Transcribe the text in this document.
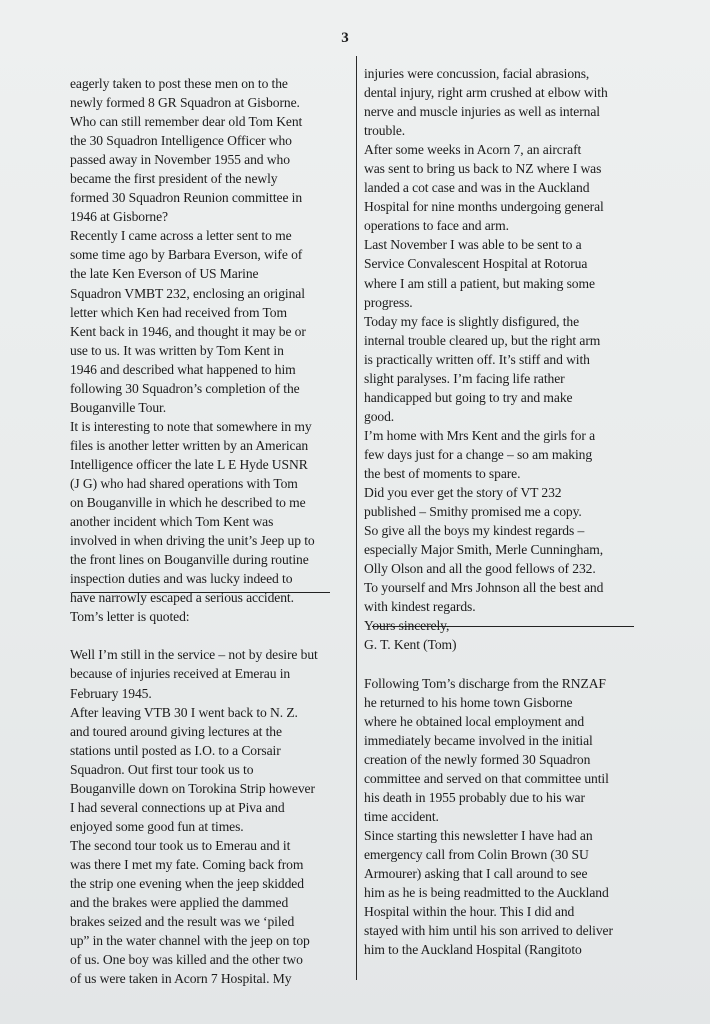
3
eagerly taken to post these men on to the
newly formed 8 GR Squadron at Gisborne.
Who can still remember dear old Tom Kent
the 30 Squadron Intelligence Officer who
passed away in November 1955 and who
became the first president of the newly
formed 30 Squadron Reunion committee in
1946 at Gisborne?
Recently I came across a letter sent to me
some time ago by Barbara Everson, wife of
the late Ken Everson of US Marine
Squadron VMBT 232, enclosing an original
letter which Ken had received from Tom
Kent back in 1946, and thought it may be or
use to us. It was written by Tom Kent in
1946 and described what happened to him
following 30 Squadron’s completion of the
Bouganville Tour.
It is interesting to note that somewhere in my
files is another letter written by an American
Intelligence officer the late L E Hyde USNR
(J G) who had shared operations with Tom
on Bouganville in which he described to me
another incident which Tom Kent was
involved in when driving the unit’s Jeep up to
the front lines on Bouganville during routine
inspection duties and was lucky indeed to
have narrowly escaped a serious accident.
Tom’s letter is quoted:
Well I’m still in the service – not by desire but
because of injuries received at Emerau in
February 1945.
After leaving VTB 30 I went back to N. Z.
and toured around giving lectures at the
stations until posted as I.O. to a Corsair
Squadron. Out first tour took us to
Bouganville down on Torokina Strip however
I had several connections up at Piva and
enjoyed some good fun at times.
The second tour took us to Emerau and it
was there I met my fate. Coming back from
the strip one evening when the jeep skidded
and the brakes were applied the dammed
brakes seized and the result was we ‘piled
up” in the water channel with the jeep on top
of us. One boy was killed and the other two
of us were taken in Acorn 7 Hospital. My
injuries were concussion, facial abrasions,
dental injury, right arm crushed at elbow with
nerve and muscle injuries as well as internal
trouble.
After some weeks in Acorn 7, an aircraft
was sent to bring us back to NZ where I was
landed a cot case and was in the Auckland
Hospital for nine months undergoing general
operations to face and arm.
Last November I was able to be sent to a
Service Convalescent Hospital at Rotorua
where I am still a patient, but making some
progress.
Today my face is slightly disfigured, the
internal trouble cleared up, but the right arm
is practically written off. It’s stiff and with
slight paralyses. I’m facing life rather
handicapped but going to try and make
good.
I’m home with Mrs Kent and the girls for a
few days just for a change – so am making
the best of moments to spare.
Did you ever get the story of VT 232
published – Smithy promised me a copy.
So give all the boys my kindest regards –
especially Major Smith, Merle Cunningham,
Olly Olson and all the good fellows of 232.
To yourself and Mrs Johnson all the best and
with kindest regards.
Yours sincerely,
G. T. Kent (Tom)
Following Tom’s discharge from the RNZAF
he returned to his home town Gisborne
where he obtained local employment and
immediately became involved in the initial
creation of the newly formed 30 Squadron
committee and served on that committee until
his death in 1955 probably due to his war
time accident.
Since starting this newsletter I have had an
emergency call from Colin Brown (30 SU
Armourer) asking that I call around to see
him as he is being readmitted to the Auckland
Hospital within the hour. This I did and
stayed with him until his son arrived to deliver
him to the Auckland Hospital (Rangitoto
